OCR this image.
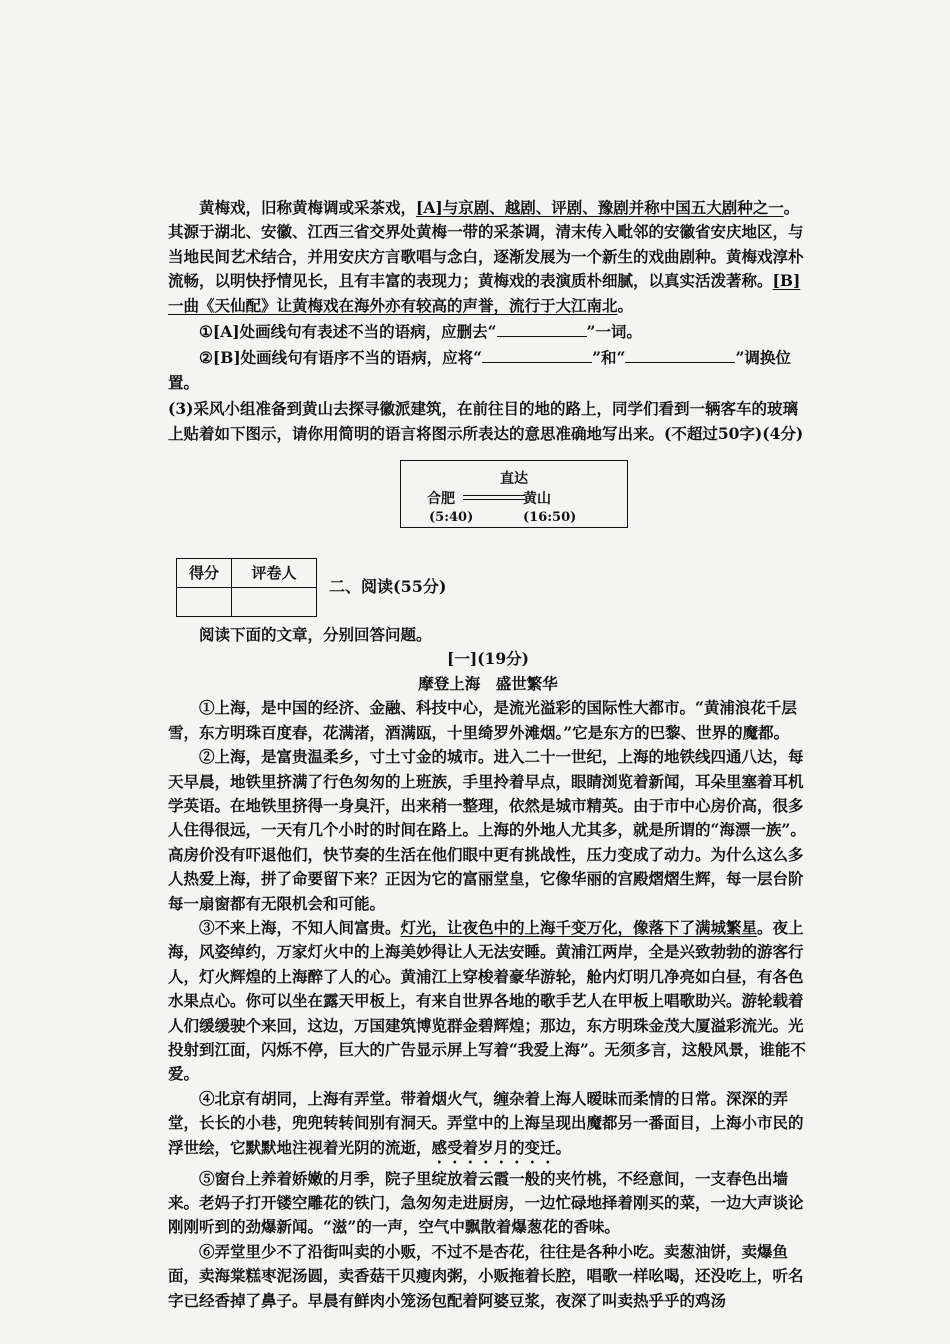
黄梅戏，旧称黄梅调或采茶戏，[A]与京剧、越剧、评剧、豫剧并称中国五大剧种之一。其源于湖北、安徽、江西三省交界处黄梅一带的采茶调，清末传入毗邻的安徽省安庆地区，与当地民间艺术结合，并用安庆方言歌唱与念白，逐渐发展为一个新生的戏曲剧种。黄梅戏淳朴流畅，以明快抒情见长，且有丰富的表现力；黄梅戏的表演质朴细腻，以真实活泼著称。[B]一曲《天仙配》让黄梅戏在海外亦有较高的声誉，流行于大江南北。

①[A]处画线句有表述不当的语病，应删去“	”一词。

②[B]处画线句有语序不当的语病，应将“	”和“	”调换位置。

(3)采风小组准备到黄山去探寻徽派建筑，在前往目的地的路上，同学们看到一辆客车的玻璃上贴着如下图示，请你用简明的语言将图示所表达的意思准确地写出来。(不超过50字)(4分)

直达
合肥	黄山
(5:40)	(16:50)
得分	评卷人

二、阅读(55分)

阅读下面的文章，分别回答问题。

[一](19分)

摩登上海　盛世繁华

①上海，是中国的经济、金融、科技中心，是流光溢彩的国际性大都市。“黄浦浪花千层雪，东方明珠百度春，花满渚，酒满瓯，十里绮罗外滩烟。”它是东方的巴黎、世界的魔都。

②上海，是富贵温柔乡，寸土寸金的城市。进入二十一世纪，上海的地铁线四通八达，每天早晨，地铁里挤满了行色匆匆的上班族，手里拎着早点，眼睛浏览着新闻，耳朵里塞着耳机学英语。在地铁里挤得一身臭汗，出来稍一整理，依然是城市精英。由于市中心房价高，很多人住得很远，一天有几个小时的时间在路上。上海的外地人尤其多，就是所谓的“海漂一族”。高房价没有吓退他们，快节奏的生活在他们眼中更有挑战性，压力变成了动力。为什么这么多人热爱上海，拼了命要留下来？正因为它的富丽堂皇，它像华丽的宫殿熠熠生辉，每一层台阶每一扇窗都有无限机会和可能。

③不来上海，不知人间富贵。灯光，让夜色中的上海千变万化，像落下了满城繁星。夜上海，风姿绰约，万家灯火中的上海美妙得让人无法安睡。黄浦江两岸，全是兴致勃勃的游客行人，灯火辉煌的上海醉了人的心。黄浦江上穿梭着豪华游轮，舱内灯明几净亮如白昼，有各色水果点心。你可以坐在露天甲板上，有来自世界各地的歌手艺人在甲板上唱歌助兴。游轮载着人们缓缓驶个来回，这边，万国建筑博览群金碧辉煌；那边，东方明珠金茂大厦溢彩流光。光投射到江面，闪烁不停，巨大的广告显示屏上写着“我爱上海”。无须多言，这般风景，谁能不爱。

④北京有胡同，上海有弄堂。带着烟火气，缠杂着上海人暧昧而柔情的日常。深深的弄堂，长长的小巷，兜兜转转间别有洞天。弄堂中的上海呈现出魔都另一番面目，上海小市民的浮世绘，它默默地注视着光阴的流逝，感受着岁月的变迁。

⑤窗台上养着娇嫩的月季，院子里绽放着云霞一般的夹竹桃，不经意间，一支春色出墙来。老妈子打开镂空雕花的铁门，急匆匆走进厨房，一边忙碌地择着刚买的菜，一边大声谈论刚刚听到的劲爆新闻。“滋”的一声，空气中飘散着爆葱花的香味。

⑥弄堂里少不了沿街叫卖的小贩，不过不是杏花，往往是各种小吃。卖葱油饼，卖爆鱼面，卖海棠糕枣泥汤圆，卖香菇干贝瘦肉粥，小贩拖着长腔，唱歌一样吆喝，还没吃上，听名字已经香掉了鼻子。早晨有鲜肉小笼汤包配着阿婆豆浆，夜深了叫卖热乎乎的鸡汤
